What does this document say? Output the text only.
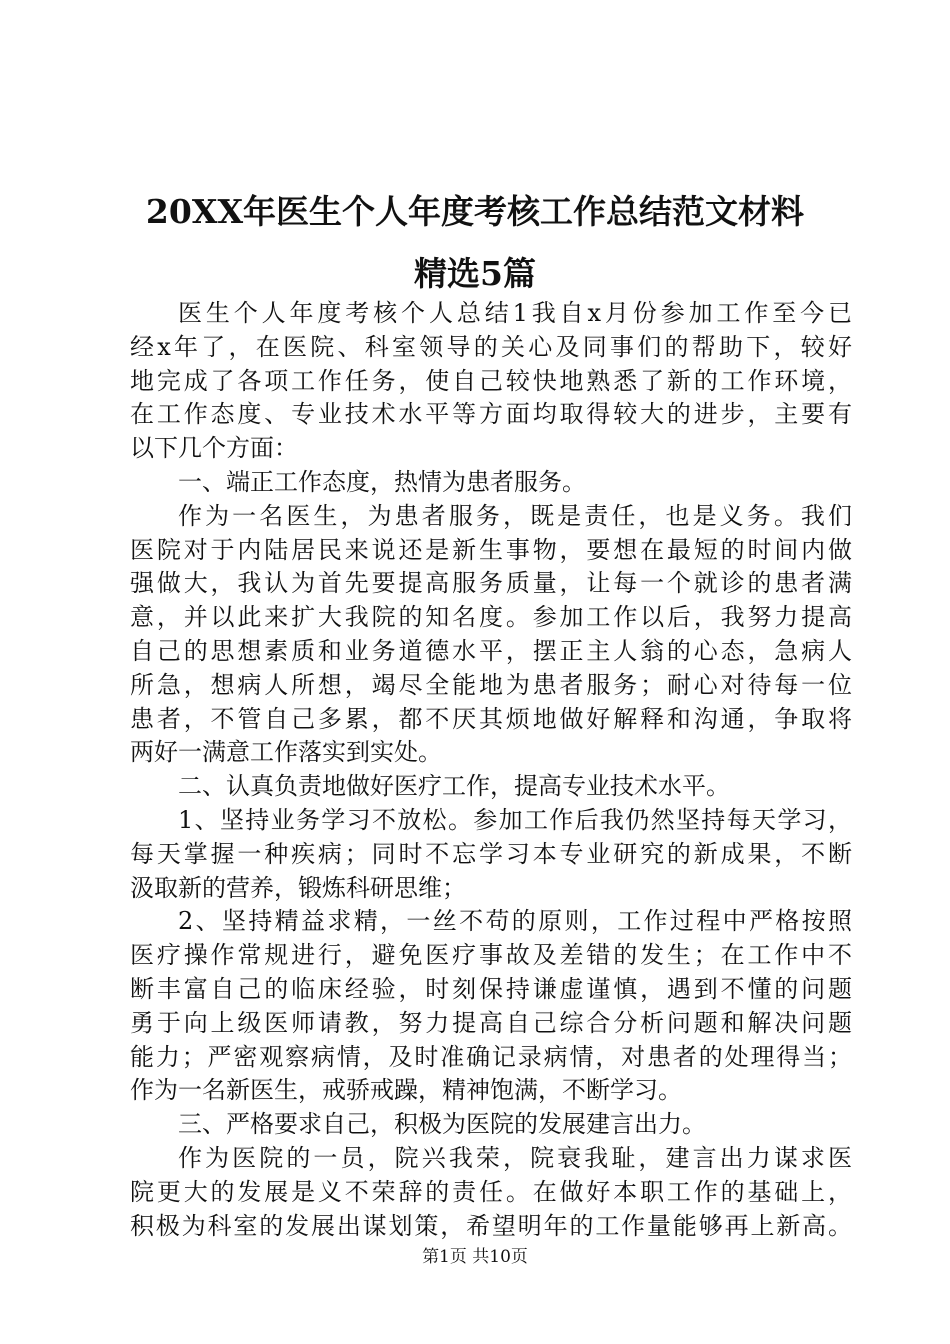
20XX年医生个人年度考核工作总结范文材料
精选5篇
医生个人年度考核个人总结1我自x月份参加工作至今已
经x年了，在医院、科室领导的关心及同事们的帮助下，较好
地完成了各项工作任务，使自己较快地熟悉了新的工作环境，
在工作态度、专业技术水平等方面均取得较大的进步，主要有
以下几个方面：
一、端正工作态度，热情为患者服务。
作为一名医生，为患者服务，既是责任，也是义务。我们
医院对于内陆居民来说还是新生事物，要想在最短的时间内做
强做大，我认为首先要提高服务质量，让每一个就诊的患者满
意，并以此来扩大我院的知名度。参加工作以后，我努力提高
自己的思想素质和业务道德水平，摆正主人翁的心态，急病人
所急，想病人所想，竭尽全能地为患者服务；耐心对待每一位
患者，不管自己多累，都不厌其烦地做好解释和沟通，争取将
两好一满意工作落实到实处。
二、认真负责地做好医疗工作，提高专业技术水平。
1、坚持业务学习不放松。参加工作后我仍然坚持每天学习，
每天掌握一种疾病；同时不忘学习本专业研究的新成果，不断
汲取新的营养，锻炼科研思维；
2、坚持精益求精，一丝不苟的原则，工作过程中严格按照
医疗操作常规进行，避免医疗事故及差错的发生；在工作中不
断丰富自己的临床经验，时刻保持谦虚谨慎，遇到不懂的问题
勇于向上级医师请教，努力提高自己综合分析问题和解决问题
能力；严密观察病情，及时准确记录病情，对患者的处理得当；
作为一名新医生，戒骄戒躁，精神饱满，不断学习。
三、严格要求自己，积极为医院的发展建言出力。
作为医院的一员，院兴我荣，院衰我耻，建言出力谋求医
院更大的发展是义不荣辞的责任。在做好本职工作的基础上，
积极为科室的发展出谋划策，希望明年的工作量能够再上新高。
第1页 共10页
